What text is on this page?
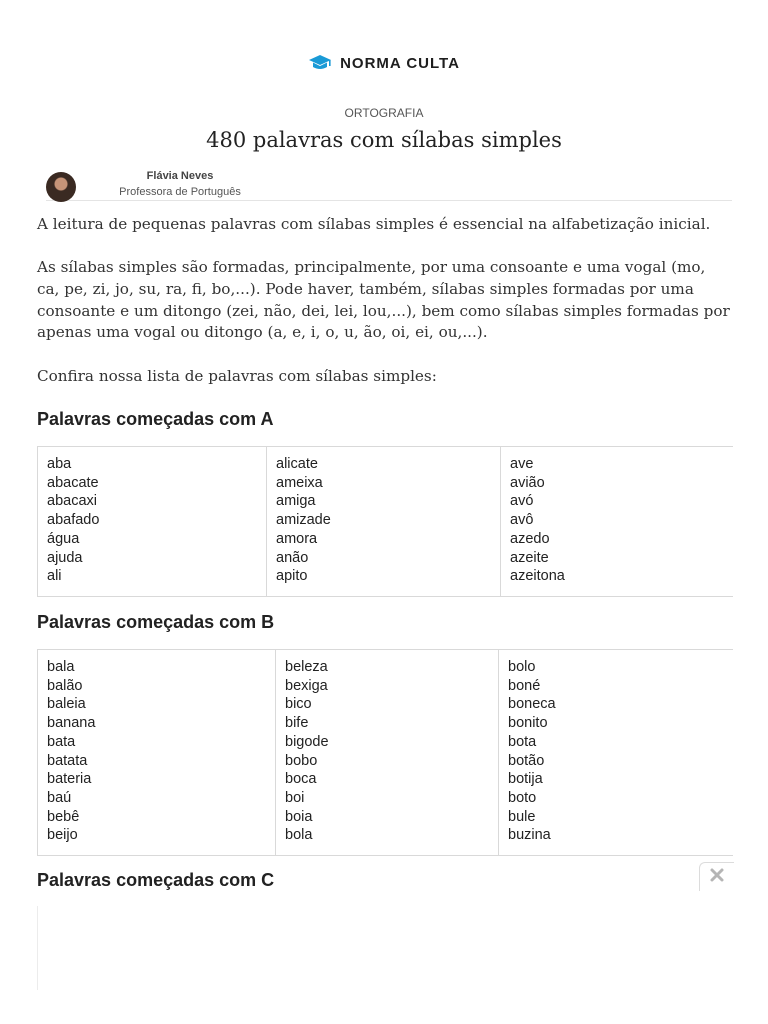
NORMA CULTA
ORTOGRAFIA
480 palavras com sílabas simples
Flávia Neves
Professora de Português

A leitura de pequenas palavras com sílabas simples é essencial na alfabetização inicial.

As sílabas simples são formadas, principalmente, por uma consoante e uma vogal (mo, ca, pe, zi, jo, su, ra, fi, bo,...). Pode haver, também, sílabas simples formadas por uma consoante e um ditongo (zei, não, dei, lei, lou,...), bem como sílabas simples formadas por apenas uma vogal ou ditongo (a, e, i, o, u, ão, oi, ei, ou,...).

Confira nossa lista de palavras com sílabas simples:

Palavras começadas com A
aba
abacate
abacaxi
abafado
água
ajuda
ali

alicate
ameixa
amiga
amizade
amora
anão
apito

ave
avião
avó
avô
azedo
azeite
azeitona
Palavras começadas com B
bala
balão
baleia
banana
bata
batata
bateria
baú
bebê
beijo

beleza
bexiga
bico
bife
bigode
bobo
boca
boi
boia
bola

bolo
boné
boneca
bonito
bota
botão
botija
boto
bule
buzina
Palavras começadas com C
